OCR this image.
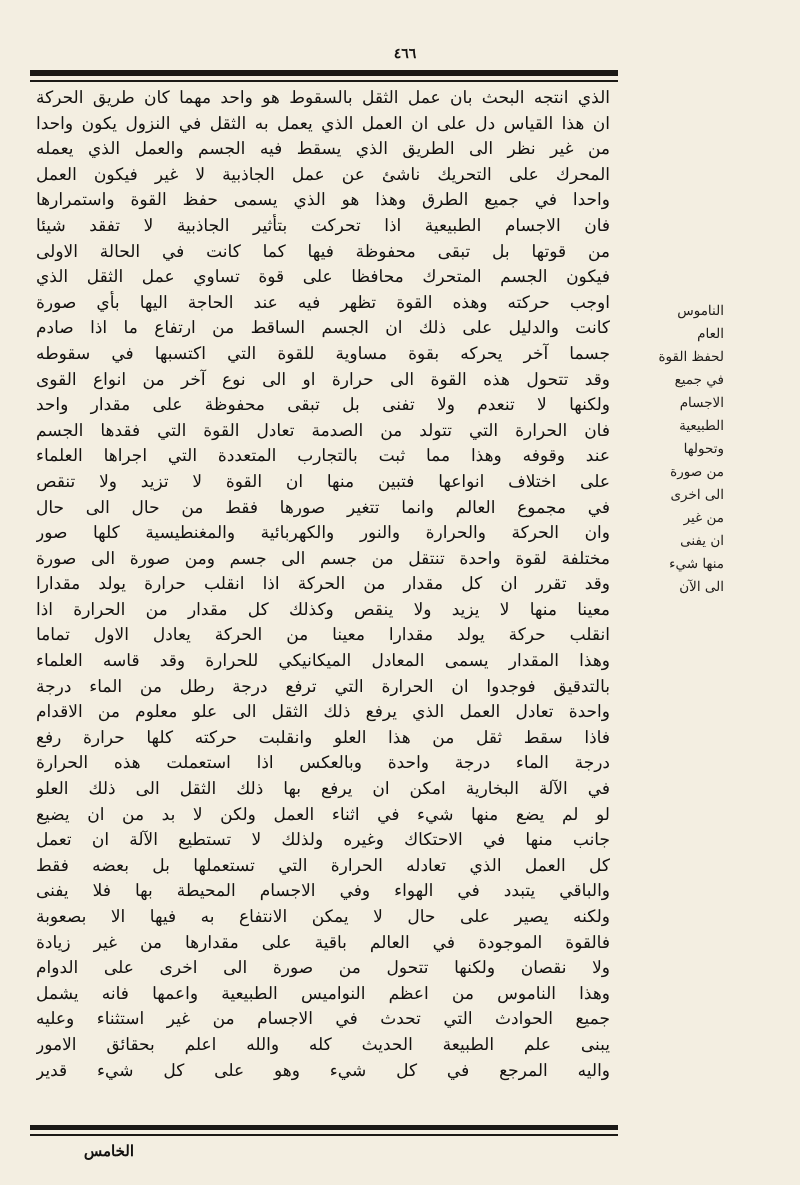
٤٦٦
الذي انتجه البحث بان عمل الثقل بالسقوط هو واحد مهما كان طريق الحركة
ان هذا القياس دل على ان العمل الذي يعمل به الثقل في النزول يكون واحدا
من غير نظر الى الطريق الذي يسقط فيه الجسم والعمل الذي يعمله
المحرك على التحريك ناشئ عن عمل الجاذبية لا غير فيكون العمل
واحدا في جميع الطرق وهذا هو الذي يسمى حفظ القوة واستمرارها
فان الاجسام الطبيعية اذا تحركت بتأثير الجاذبية لا تفقد شيئا
من قوتها بل تبقى محفوظة فيها كما كانت في الحالة الاولى
فيكون الجسم المتحرك محافظا على قوة تساوي عمل الثقل الذي
اوجب حركته وهذه القوة تظهر فيه عند الحاجة اليها بأي صورة
كانت والدليل على ذلك ان الجسم الساقط من ارتفاع ما اذا صادم
جسما آخر يحركه بقوة مساوية للقوة التي اكتسبها في سقوطه
وقد تتحول هذه القوة الى حرارة او الى نوع آخر من انواع القوى
ولكنها لا تنعدم ولا تفنى بل تبقى محفوظة على مقدار واحد
فان الحرارة التي تتولد من الصدمة تعادل القوة التي فقدها الجسم
عند وقوفه وهذا مما ثبت بالتجارب المتعددة التي اجراها العلماء
على اختلاف انواعها فتبين منها ان القوة لا تزيد ولا تنقص
في مجموع العالم وانما تتغير صورها فقط من حال الى حال
وان الحركة والحرارة والنور والكهربائية والمغنطيسية كلها صور
مختلفة لقوة واحدة تنتقل من جسم الى جسم ومن صورة الى صورة
وقد تقرر ان كل مقدار من الحركة اذا انقلب حرارة يولد مقدارا
معينا منها لا يزيد ولا ينقص وكذلك كل مقدار من الحرارة اذا
انقلب حركة يولد مقدارا معينا من الحركة يعادل الاول تماما
وهذا المقدار يسمى المعادل الميكانيكي للحرارة وقد قاسه العلماء
بالتدقيق فوجدوا ان الحرارة التي ترفع درجة رطل من الماء درجة
واحدة تعادل العمل الذي يرفع ذلك الثقل الى علو معلوم من الاقدام
فاذا سقط ثقل من هذا العلو وانقلبت حركته كلها حرارة رفع
درجة الماء درجة واحدة وبالعكس اذا استعملت هذه الحرارة
في الآلة البخارية امكن ان يرفع بها ذلك الثقل الى ذلك العلو
لو لم يضع منها شيء في اثناء العمل ولكن لا بد من ان يضيع
جانب منها في الاحتكاك وغيره ولذلك لا تستطيع الآلة ان تعمل
كل العمل الذي تعادله الحرارة التي تستعملها بل بعضه فقط
والباقي يتبدد في الهواء وفي الاجسام المحيطة بها فلا يفنى
ولكنه يصير على حال لا يمكن الانتفاع به فيها الا بصعوبة
فالقوة الموجودة في العالم باقية على مقدارها من غير زيادة
ولا نقصان ولكنها تتحول من صورة الى اخرى على الدوام
وهذا الناموس من اعظم النواميس الطبيعية واعمها فانه يشمل
جميع الحوادث التي تحدث في الاجسام من غير استثناء وعليه
يبنى علم الطبيعة الحديث كله والله اعلم بحقائق الامور
واليه المرجع في كل شيء وهو على كل شيء قدير
الناموس
العام
لحفظ القوة
في جميع
الاجسام
الطبيعية
وتحولها
من صورة
الى اخرى
من غير
ان يفنى
منها شيء
الى الآن
الخامس
